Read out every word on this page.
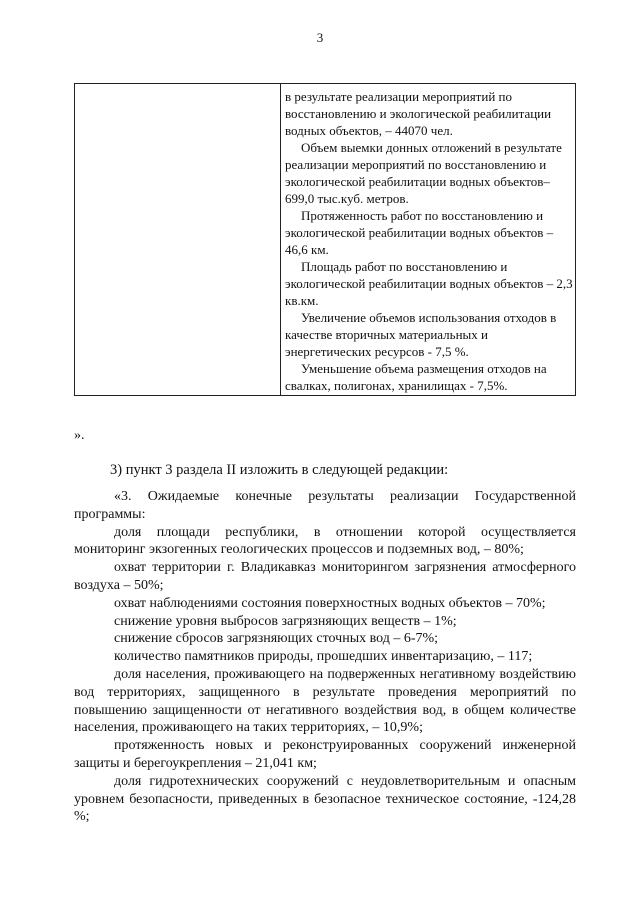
3

в результате реализации мероприятий по восстановлению и экологической реабилитации водных объектов, – 44070 чел.

Объем выемки донных отложений в результате реализации мероприятий по восстановлению и экологической реабилитации водных объектов– 699,0 тыс.куб. метров.

Протяженность работ по восстановлению и экологической реабилитации водных объектов – 46,6 км.

Площадь работ по восстановлению и экологической реабилитации водных объектов – 2,3 кв.км.

Увеличение объемов использования отходов в качестве вторичных материальных и энергетических ресурсов - 7,5 %.

Уменьшение объема размещения отходов на свалках, полигонах, хранилищах - 7,5%.

».
3) пункт 3 раздела II изложить в следующей редакции:

«3. Ожидаемые конечные результаты реализации Государственной программы:

доля площади республики, в отношении которой осуществляется мониторинг экзогенных геологических процессов и подземных вод, – 80%;

охват территории г. Владикавказ мониторингом загрязнения атмосферного воздуха – 50%;

охват наблюдениями состояния поверхностных водных объектов – 70%;

снижение уровня выбросов загрязняющих веществ – 1%;

снижение сбросов загрязняющих сточных вод – 6-7%;

количество памятников природы, прошедших инвентаризацию, – 117;

доля населения, проживающего на подверженных негативному воздействию вод территориях, защищенного в результате проведения мероприятий по повышению защищенности от негативного воздействия вод, в общем количестве населения, проживающего на таких территориях, – 10,9%;

протяженность новых и реконструированных сооружений инженерной защиты и берегоукрепления – 21,041 км;

доля гидротехнических сооружений с неудовлетворительным и опасным уровнем безопасности, приведенных в безопасное техническое состояние, -124,28 %;
